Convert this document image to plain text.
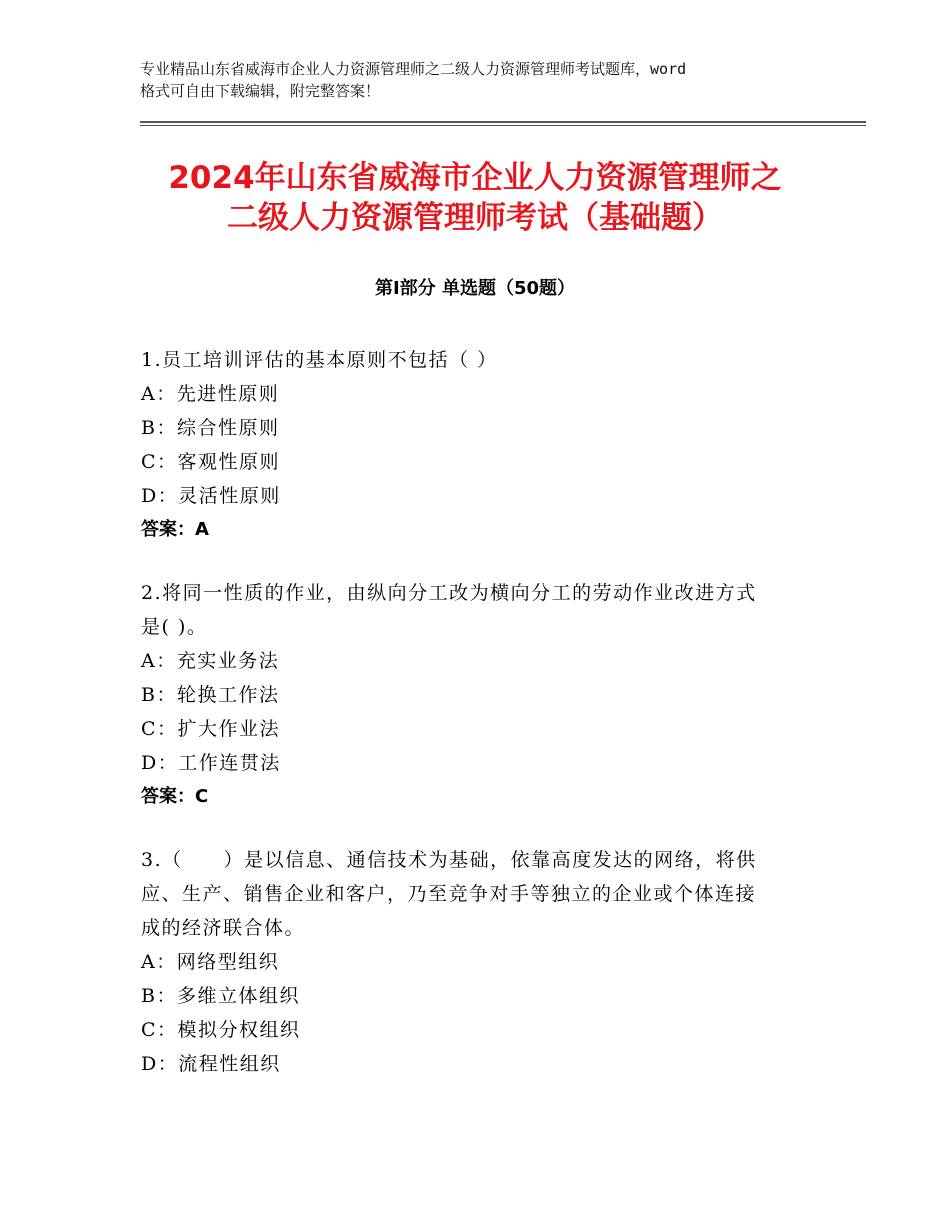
专业精品山东省威海市企业人力资源管理师之二级人力资源管理师考试题库，word
格式可自由下载编辑，附完整答案！
2024年山东省威海市企业人力资源管理师之
二级人力资源管理师考试（基础题）
第Ⅰ部分 单选题（50题）
1.员工培训评估的基本原则不包括（ ）
A：先进性原则
B：综合性原则
C：客观性原则
D：灵活性原则
答案：A
2.将同一性质的作业，由纵向分工改为横向分工的劳动作业改进方式
是( )。
A：充实业务法
B：轮换工作法
C：扩大作业法
D：工作连贯法
答案：C
3.（　　）是以信息、通信技术为基础，依靠高度发达的网络，将供
应、生产、销售企业和客户，乃至竞争对手等独立的企业或个体连接
成的经济联合体。
A：网络型组织
B：多维立体组织
C：模拟分权组织
D：流程性组织
